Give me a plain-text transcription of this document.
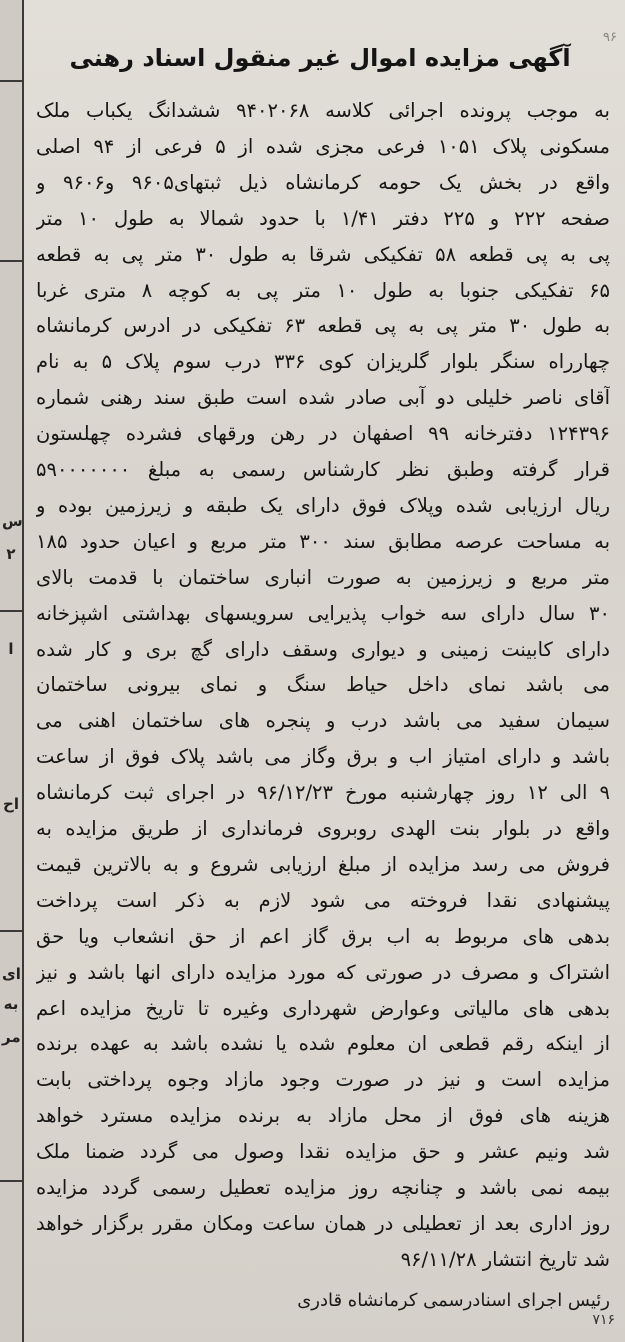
س
۲
ا
اح
ای
به
مر
۹۶
آگهی مزایده اموال غیر منقول اسناد رهنی
به موجب پرونده اجرائی کلاسه ۹۴۰۲۰۶۸ ششدانگ یکباب ملک
مسکونی پلاک ۱۰۵۱ فرعی مجزی شده از ۵ فرعی از ۹۴ اصلی
واقع در بخش یک حومه کرمانشاه ذیل ثبتهای۹۶۰۵ و۹۶۰۶ و
صفحه ۲۲۲ و ۲۲۵ دفتر ۱/۴۱ با حدود شمالا به طول ۱۰ متر
پی به پی قطعه ۵۸ تفکیکی شرقا به طول ۳۰ متر پی به قطعه
۶۵ تفکیکی جنوبا به طول ۱۰ متر پی به کوچه ۸ متری غربا
به طول ۳۰ متر پی به پی قطعه ۶۳ تفکیکی در ادرس کرمانشاه
چهارراه سنگر بلوار گلریزان کوی ۳۳۶ درب سوم پلاک ۵ به نام
آقای ناصر خلیلی دو آبی صادر شده است طبق سند رهنی شماره
۱۲۴۳۹۶ دفترخانه ۹۹ اصفهان در رهن ورقهای فشرده چهلستون
قرار گرفته وطبق نظر کارشناس رسمی به مبلغ ۵۹۰۰۰۰۰۰۰
ریال ارزیابی شده وپلاک فوق دارای یک طبقه و زیرزمین بوده و
به مساحت عرصه مطابق سند ۳۰۰ متر مربع و اعیان حدود ۱۸۵
متر مربع و زیرزمین به صورت انباری ساختمان با قدمت بالای
۳۰ سال دارای سه خواب پذیرایی سرویسهای بهداشتی اشپزخانه
دارای کابینت زمینی و دیواری وسقف دارای گچ بری و کار شده
می باشد نمای داخل حیاط سنگ و نمای بیرونی ساختمان
سیمان سفید می باشد درب و پنجره های ساختمان اهنی می
باشد و دارای امتیاز اب و برق وگاز می باشد پلاک فوق از ساعت
۹ الی ۱۲ روز چهارشنبه مورخ ۹۶/۱۲/۲۳ در اجرای ثبت کرمانشاه
واقع در بلوار بنت الهدی روبروی فرمانداری از طریق مزایده به
فروش می رسد مزایده از مبلغ ارزیابی شروع و به بالاترین قیمت
پیشنهادی نقدا فروخته می شود لازم به ذکر است پرداخت
بدهی های مربوط به اب برق گاز اعم از حق انشعاب ویا حق
اشتراک و مصرف در صورتی که مورد مزایده دارای انها باشد و نیز
بدهی های مالیاتی وعوارض شهرداری وغیره تا تاریخ مزایده اعم
از اینکه رقم قطعی ان معلوم شده یا نشده باشد به عهده برنده
مزایده است و نیز در صورت وجود مازاد وجوه پرداختی بابت
هزینه های فوق از محل مازاد به برنده مزایده مسترد خواهد
شد ونیم عشر و حق مزایده نقدا وصول می گردد ضمنا ملک
بیمه نمی باشد و چنانچه روز مزایده تعطیل رسمی گردد مزایده
روز اداری بعد از تعطیلی در همان ساعت ومکان مقرر برگزار خواهد
شد تاریخ انتشار ۹۶/۱۱/۲۸
رئیس اجرای اسنادرسمی کرمانشاه قادری
۷۱۶
